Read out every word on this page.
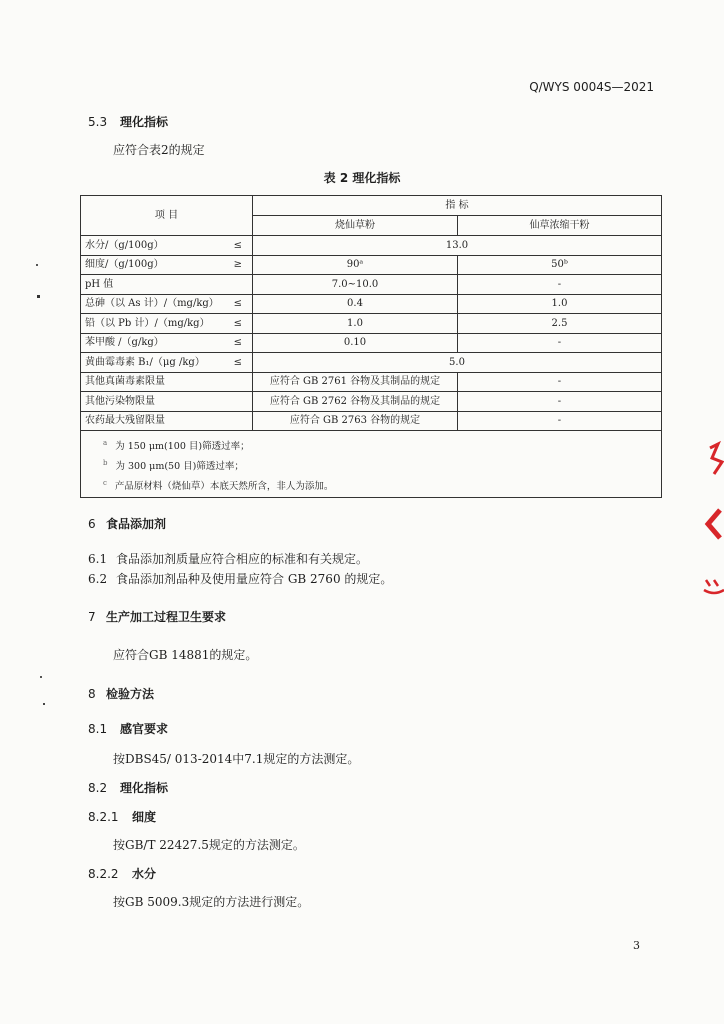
Q/WYS 0004S—2021
5.3 理化指标
应符合表2的规定
表 2 理化指标
项 目		指 标	
		烧仙草粉	仙草浓缩干粉
水分/（g/100g）	≤	13.0	
细度/（g/100g）	≥	90ᵃ	50ᵇ
pH 值		7.0~10.0	-
总砷（以 As 计）/（mg/kg）	≤	0.4	1.0
铅（以 Pb 计）/（mg/kg）	≤	1.0	2.5
苯甲酸 /（g/kg）	≤	0.10	-
黄曲霉毒素 B₁/（μg /kg）	≤	5.0	
其他真菌毒素限量		应符合 GB 2761 谷物及其制品的规定	-
其他污染物限量		应符合 GB 2762 谷物及其制品的规定	-
农药最大残留限量		应符合 GB 2763 谷物的规定	-

$^a$ 为 150 μm(100 目)筛透过率；
$^b$ 为 300 μm(50 目)筛透过率；
$^c$ 产品原材料（烧仙草）本底天然所含，非人为添加。			
6 食品添加剂
6.1 食品添加剂质量应符合相应的标准和有关规定。
6.2 食品添加剂品种及使用量应符合 GB 2760 的规定。
7 生产加工过程卫生要求
应符合GB 14881的规定。
8 检验方法
8.1 感官要求
按DBS45/ 013-2014中7.1规定的方法测定。
8.2 理化指标
8.2.1 细度
按GB/T 22427.5规定的方法测定。
8.2.2 水分
按GB 5009.3规定的方法进行测定。
3
